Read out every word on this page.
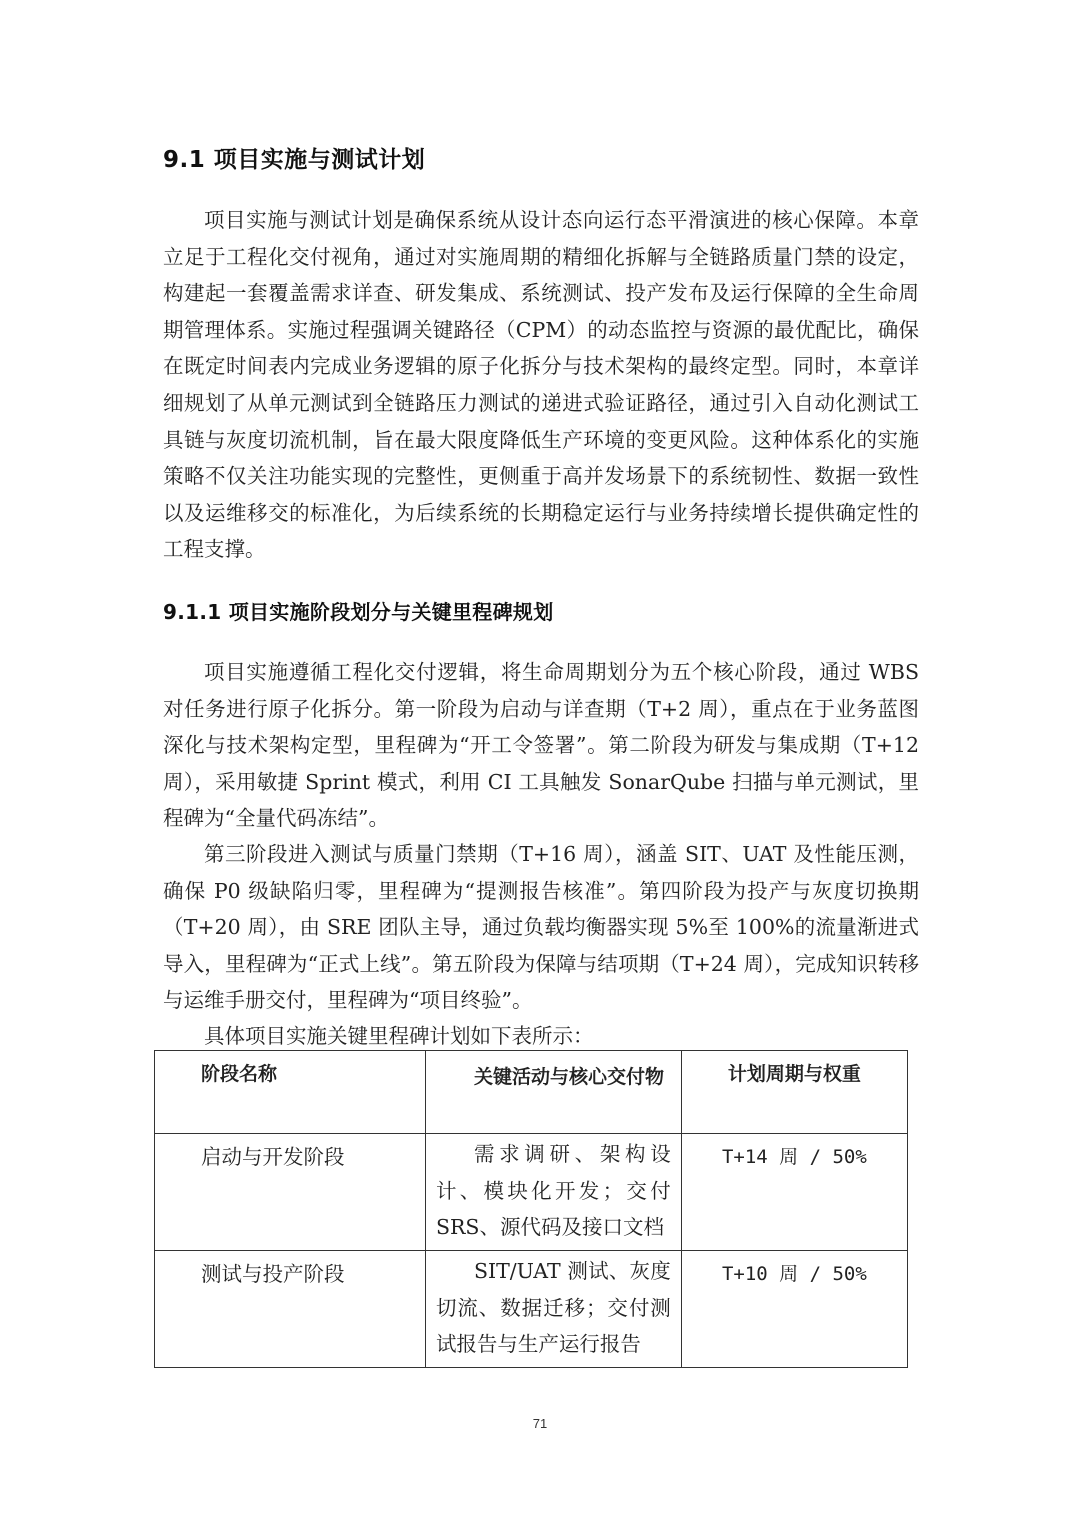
9.1 项目实施与测试计划

项目实施与测试计划是确保系统从设计态向运行态平滑演进的核心保障。本章立足于工程化交付视角，通过对实施周期的精细化拆解与全链路质量门禁的设定，构建起一套覆盖需求详查、研发集成、系统测试、投产发布及运行保障的全生命周期管理体系。实施过程强调关键路径（CPM）的动态监控与资源的最优配比，确保在既定时间表内完成业务逻辑的原子化拆分与技术架构的最终定型。同时，本章详细规划了从单元测试到全链路压力测试的递进式验证路径，通过引入自动化测试工具链与灰度切流机制，旨在最大限度降低生产环境的变更风险。这种体系化的实施策略不仅关注功能实现的完整性，更侧重于高并发场景下的系统韧性、数据一致性以及运维移交的标准化，为后续系统的长期稳定运行与业务持续增长提供确定性的工程支撑。

9.1.1 项目实施阶段划分与关键里程碑规划

项目实施遵循工程化交付逻辑，将生命周期划分为五个核心阶段，通过 WBS 对任务进行原子化拆分。第一阶段为启动与详查期（T+2 周），重点在于业务蓝图深化与技术架构定型，里程碑为“开工令签署”。第二阶段为研发与集成期（T+12 周），采用敏捷 Sprint 模式，利用 CI 工具触发 SonarQube 扫描与单元测试，里程碑为“全量代码冻结”。

第三阶段进入测试与质量门禁期（T+16 周），涵盖 SIT、UAT 及性能压测，确保 P0 级缺陷归零，里程碑为“提测报告核准”。第四阶段为投产与灰度切换期（T+20 周），由 SRE 团队主导，通过负载均衡器实现 5%至 100%的流量渐进式导入，里程碑为“正式上线”。第五阶段为保障与结项期（T+24 周），完成知识转移与运维手册交付，里程碑为“项目终验”。

具体项目实施关键里程碑计划如下表所示：

阶段名称	关键活动与核心交付物	计划周期与权重
启动与开发阶段	需求调研、架构设计、模块化开发；交付 SRS、源代码及接口文档	T+14 周 / 50%
测试与投产阶段	SIT/UAT 测试、灰度切流、数据迁移；交付测试报告与生产运行报告	T+10 周 / 50%
71
